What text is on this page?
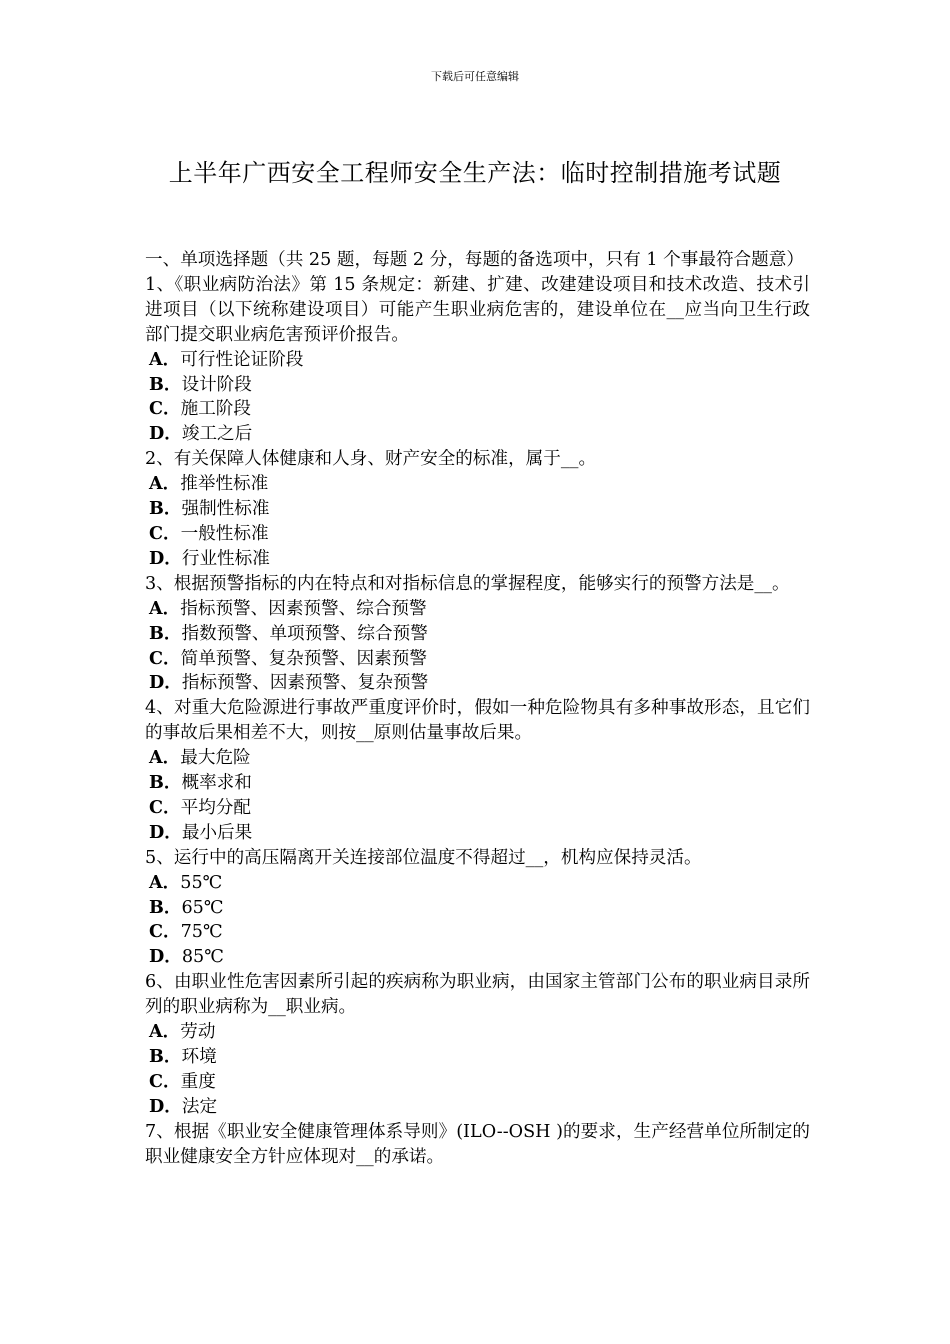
下载后可任意编辑
上半年广西安全工程师安全生产法：临时控制措施考试题
一、单项选择题（共 25 题，每题 2 分，每题的备选项中，只有 1 个事最符合题意）
1、《职业病防治法》第 15 条规定：新建、扩建、改建建设项目和技术改造、技术引进项目（以下统称建设项目）可能产生职业病危害的，建设单位在__应当向卫生行政部门提交职业病危害预评价报告。
A．可行性论证阶段
B．设计阶段
C．施工阶段
D．竣工之后
2、有关保障人体健康和人身、财产安全的标准，属于__。
A．推举性标准
B．强制性标准
C．一般性标准
D．行业性标准
3、根据预警指标的内在特点和对指标信息的掌握程度，能够实行的预警方法是__。
A．指标预警、因素预警、综合预警
B．指数预警、单项预警、综合预警
C．简单预警、复杂预警、因素预警
D．指标预警、因素预警、复杂预警
4、对重大危险源进行事故严重度评价时，假如一种危险物具有多种事故形态，且它们的事故后果相差不大，则按__原则估量事故后果。
A．最大危险
B．概率求和
C．平均分配
D．最小后果
5、运行中的高压隔离开关连接部位温度不得超过__，机构应保持灵活。
A．55℃
B．65℃
C．75℃
D．85℃
6、由职业性危害因素所引起的疾病称为职业病，由国家主管部门公布的职业病目录所列的职业病称为__职业病。
A．劳动
B．环境
C．重度
D．法定
7、根据《职业安全健康管理体系导则》(ILO--OSH )的要求，生产经营单位所制定的职业健康安全方针应体现对__的承诺。
